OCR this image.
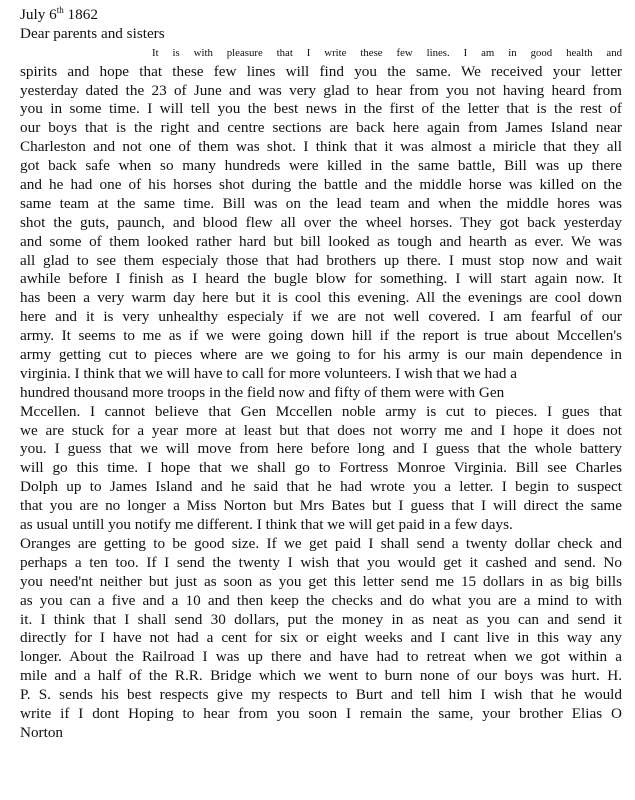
July 6th 1862
Dear parents and sisters
It is with pleasure that I write these few lines. I am in good health and
spirits and hope that these few lines will find you the same. We received your letter
yesterday dated the 23 of June and was very glad to hear from you not having heard from
you in some time. I will tell you the best news in the first of the letter that is the rest of
our boys that is the right and centre sections are back here again from James Island near
Charleston and not one of them was shot. I think that it was almost a miricle that they all
got back safe when so many hundreds were killed in the same battle, Bill was up there
and he had one of his horses shot during the battle and the middle horse was killed on the
same team at the same time. Bill was on the lead team and when the middle hores was
shot the guts, paunch, and blood flew all over the wheel horses. They got back yesterday
and some of them looked rather hard but bill looked as tough and hearth as ever. We was
all glad to see them especialy those that had brothers up there. I must stop now and wait
awhile before I finish as I heard the bugle blow for something. I will start again now. It
has been a very warm day here but it is cool this evening. All the evenings are cool down
here and it is very unhealthy especialy if we are not well covered. I am fearful of our
army. It seems to me as if we were going down hill if the report is true about Mccellen's
army getting cut to pieces where are we going to for his army is our main dependence in
virginia. I think that we will have to call for more volunteers. I wish that we had a
hundred thousand more troops in the field now and fifty of them were with Gen
Mccellen. I cannot believe that Gen Mccellen noble army is cut to pieces. I gues that
we are stuck for a year more at least but that does not worry me and I hope it does not
you. I guess that we will move from here before long and I guess that the whole battery
will go this time. I hope that we shall go to Fortress Monroe Virginia. Bill see Charles
Dolph up to James Island and he said that he had wrote you a letter. I begin to suspect
that you are no longer a Miss Norton but Mrs Bates but I guess that I will direct the same
as usual untill you notify me different. I think that we will get paid in a few days.
Oranges are getting to be good size. If we get paid I shall send a twenty dollar check and
perhaps a ten too. If I send the twenty I wish that you would get it cashed and send. No
you need'nt neither but just as soon as you get this letter send me 15 dollars in as big bills
as you can a five and a 10 and then keep the checks and do what you are a mind to with
it. I think that I shall send 30 dollars, put the money in as neat as you can and send it
directly for I have not had a cent for six or eight weeks and I cant live in this way any
longer. About the Railroad I was up there and have had to retreat when we got within a
mile and a half of the R.R. Bridge which we went to burn none of our boys was hurt. H.
P. S. sends his best respects give my respects to Burt and tell him I wish that he would
write if I dont Hoping to hear from you soon I remain the same, your brother Elias O
Norton
